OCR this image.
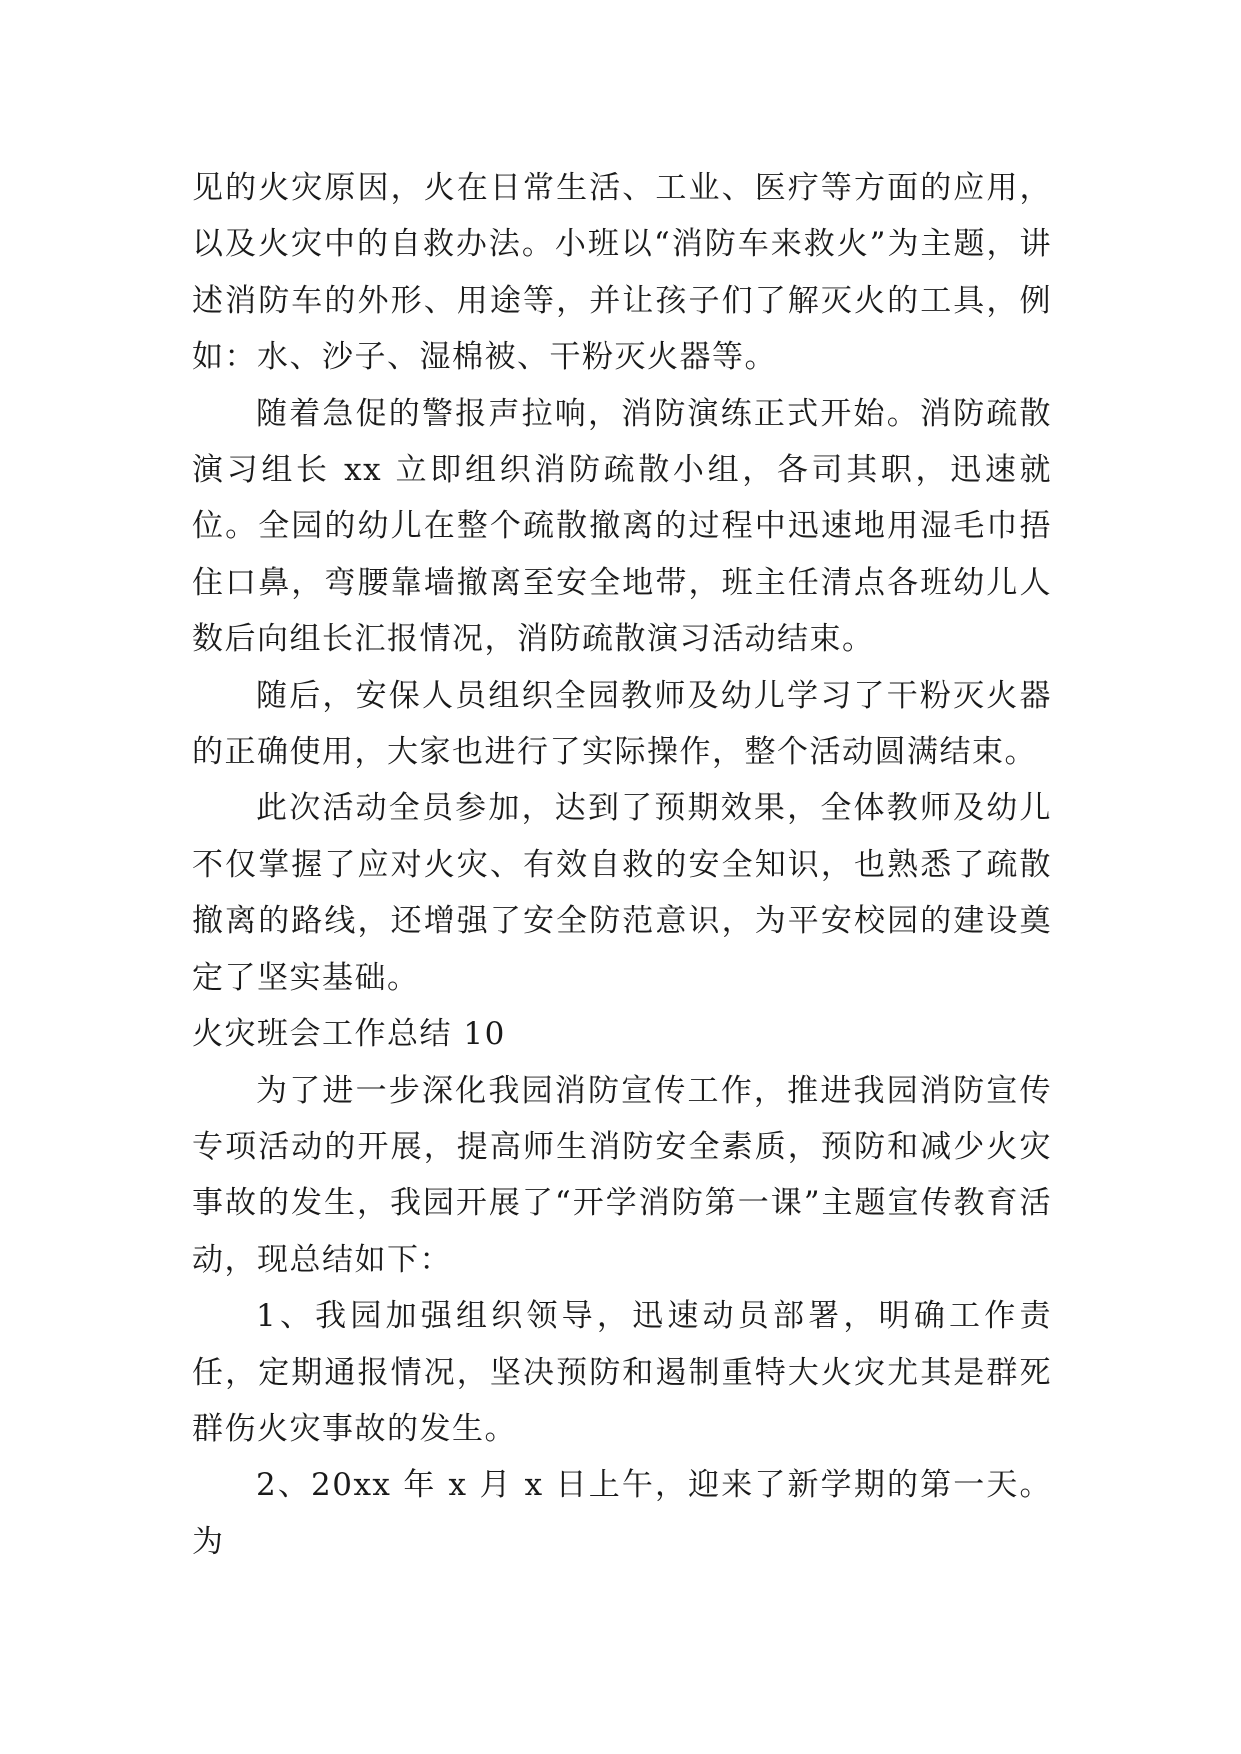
见的火灾原因，火在日常生活、工业、医疗等方面的应用，以及火灾中的自救办法。小班以“消防车来救火”为主题，讲述消防车的外形、用途等，并让孩子们了解灭火的工具，例如：水、沙子、湿棉被、干粉灭火器等。

随着急促的警报声拉响，消防演练正式开始。消防疏散演习组长 xx 立即组织消防疏散小组，各司其职，迅速就位。全园的幼儿在整个疏散撤离的过程中迅速地用湿毛巾捂住口鼻，弯腰靠墙撤离至安全地带，班主任清点各班幼儿人数后向组长汇报情况，消防疏散演习活动结束。

随后，安保人员组织全园教师及幼儿学习了干粉灭火器的正确使用，大家也进行了实际操作，整个活动圆满结束。

此次活动全员参加，达到了预期效果，全体教师及幼儿不仅掌握了应对火灾、有效自救的安全知识，也熟悉了疏散撤离的路线，还增强了安全防范意识，为平安校园的建设奠定了坚实基础。

火灾班会工作总结 10

为了进一步深化我园消防宣传工作，推进我园消防宣传专项活动的开展，提高师生消防安全素质，预防和减少火灾事故的发生，我园开展了“开学消防第一课”主题宣传教育活动，现总结如下：

1、我园加强组织领导，迅速动员部署，明确工作责任，定期通报情况，坚决预防和遏制重特大火灾尤其是群死群伤火灾事故的发生。

2、20xx 年 x 月 x 日上午，迎来了新学期的第一天。为
